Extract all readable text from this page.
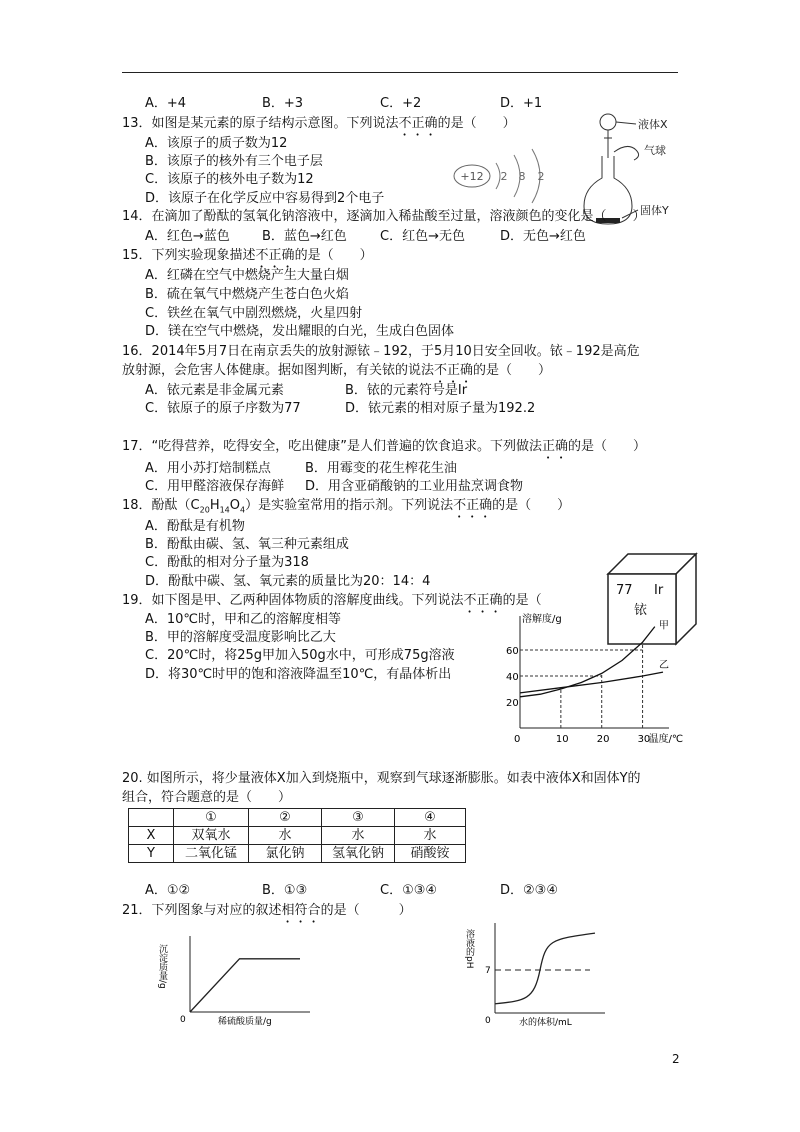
A．+4	B．+3	C．+2	D．+1
13．如图是某元素的原子结构示意图。下列说法不正确的是（　　）
A．该原子的质子数为12
B．该原子的核外有三个电子层
C．该原子的核外电子数为12
D．该原子在化学反应中容易得到2个电子
+12 2 8 2
液体X
气球
固体Y
14．在滴加了酚酞的氢氧化钠溶液中，逐滴加入稀盐酸至过量，溶液颜色的变化是（　　）
A．红色→蓝色 B．蓝色→红色	C．红色→无色	D．无色→红色
15．下列实验现象描述不正确的是（　　）
A．红磷在空气中燃烧产生大量白烟
B．硫在氧气中燃烧产生苍白色火焰
C．铁丝在氧气中剧烈燃烧，火星四射
D．镁在空气中燃烧，发出耀眼的白光，生成白色固体
16．2014年5月7日在南京丢失的放射源铱﹣192，于5月10日安全回收。铱﹣192是高危
放射源，会危害人体健康。据如图判断，有关铱的说法不正确的是（　　）
A．铱元素是非金属元素	B．铱的元素符号是Ir
C．铱原子的原子序数为77	D．铱元素的相对原子量为192.2
17．“吃得营养，吃得安全，吃出健康”是人们普遍的饮食追求。下列做法正确的是（　　）
A．用小苏打焙制糕点	B．用霉变的花生榨花生油
C．用甲醛溶液保存海鲜 D．用含亚硝酸钠的工业用盐烹调食物
18．酚酞$(C_{20}H_{14}O_4)$是实验室常用的指示剂。下列说法不正确的是（　　）
A．酚酞是有机物
B．酚酞由碳、氢、氧三种元素组成
C．酚酞的相对分子量为318
D．酚酞中碳、氢、氧元素的质量比为20：14：4
77 Ir
铱
19．如下图是甲、乙两种固体物质的溶解度曲线。下列说法不正确的是（
A．10℃时，甲和乙的溶解度相等
B．甲的溶解度受温度影响比乙大
C．20℃时，将25g甲加入50g水中，可形成75g溶液
D．将30℃时甲的饱和溶液降温至10℃，有晶体析出
溶解度/g
温度/℃
0	10	20	30
20
40
60
甲
乙
20. 如图所示，将少量液体X加入到烧瓶中，观察到气球逐渐膨胀。如表中液体X和固体Y的
组合，符合题意的是（　　）
	①	②	③	④
X	双氧水	水	水	水
Y	二氧化锰	氯化钠	氢氧化钠	硝酸铵
A．①②	B．①③	C．①③④	D．②③④
21．下列图象与对应的叙述相符合的是（　　　）
沉淀质量/g
0	稀硫酸质量/g
溶液的pH
0
7
水的体积/mL
2
